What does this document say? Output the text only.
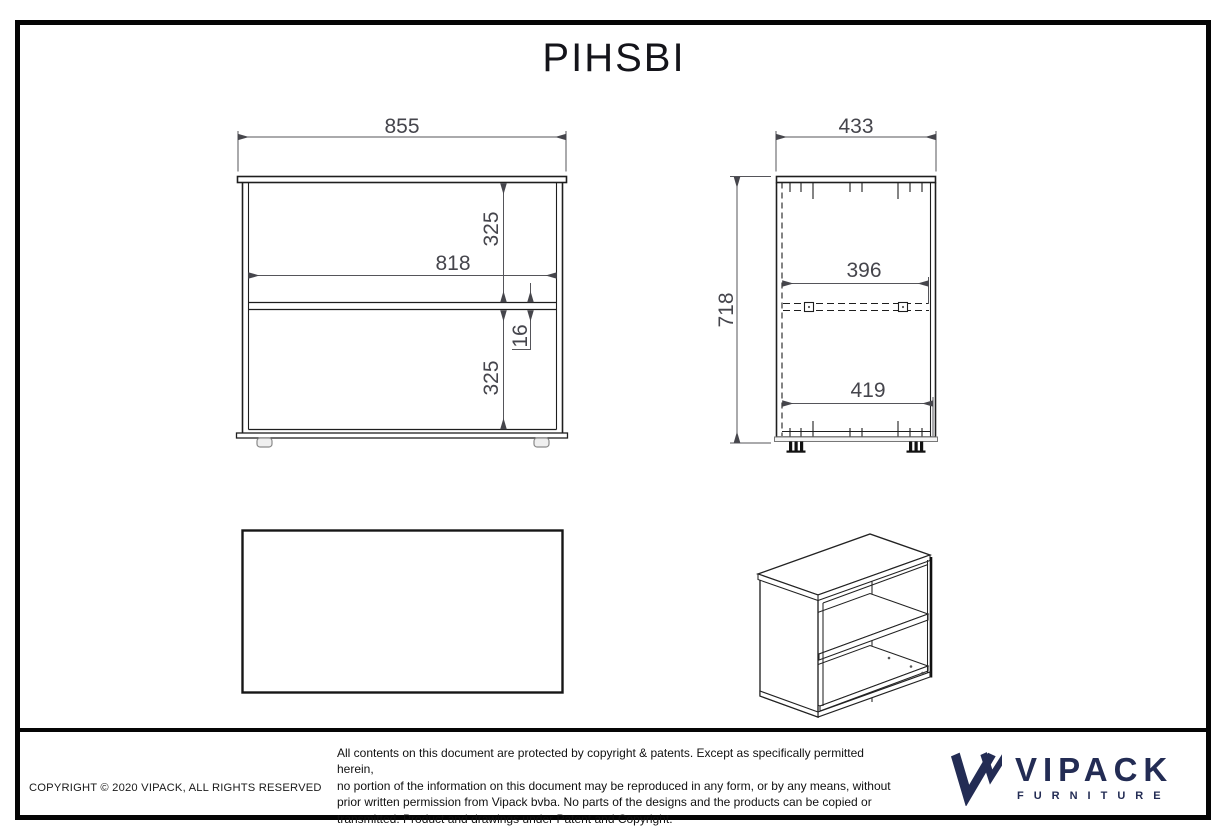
PIHSBI
855
818
325
16
325
433
718
396
419
COPYRIGHT © 2020 VIPACK, ALL RIGHTS RESERVED
All contents on this document are protected by copyright & patents. Except as specifically permitted herein,
no portion of the information on this document may be reproduced in any form, or by any means, without
prior written permission from Vipack bvba. No parts of the designs and the products can be copied or
transmitted. Product and drawings under Patent and Copyright.
VIPACK
FURNITURE
